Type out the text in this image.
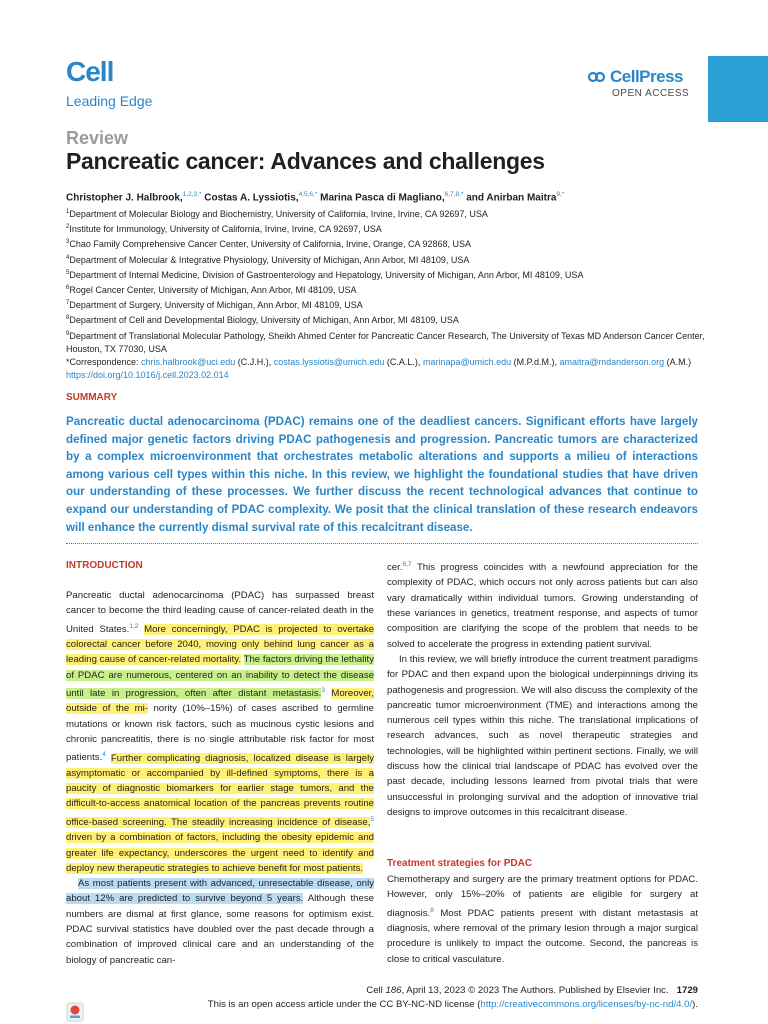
Cell
Leading Edge
CellPress
OPEN ACCESS
Review
Pancreatic cancer: Advances and challenges
Christopher J. Halbrook,$^{1,2,3,*}$ Costas A. Lyssiotis,$^{4,5,6,*}$ Marina Pasca di Magliano,$^{6,7,8,*}$ and Anirban Maitra$^{9,*}$

$^1$Department of Molecular Biology and Biochemistry, University of California, Irvine, Irvine, CA 92697, USA

$^2$Institute for Immunology, University of California, Irvine, Irvine, CA 92697, USA

$^3$Chao Family Comprehensive Cancer Center, University of California, Irvine, Orange, CA 92868, USA

$^4$Department of Molecular & Integrative Physiology, University of Michigan, Ann Arbor, MI 48109, USA

$^5$Department of Internal Medicine, Division of Gastroenterology and Hepatology, University of Michigan, Ann Arbor, MI 48109, USA

$^6$Rogel Cancer Center, University of Michigan, Ann Arbor, MI 48109, USA

$^7$Department of Surgery, University of Michigan, Ann Arbor, MI 48109, USA

$^8$Department of Cell and Developmental Biology, University of Michigan, Ann Arbor, MI 48109, USA

$^9$Department of Translational Molecular Pathology, Sheikh Ahmed Center for Pancreatic Cancer Research, The University of Texas MD Anderson Cancer Center, Houston, TX 77030, USA

*Correspondence: chris.halbrook@uci.edu (C.J.H.), costas.lyssiotis@umich.edu (C.A.L.), marinapa@umich.edu (M.P.d.M.), amaitra@mdanderson.org (A.M.)

https://doi.org/10.1016/j.cell.2023.02.014

SUMMARY

Pancreatic ductal adenocarcinoma (PDAC) remains one of the deadliest cancers. Significant efforts have largely defined major genetic factors driving PDAC pathogenesis and progression. Pancreatic tumors are characterized by a complex microenvironment that orchestrates metabolic alterations and supports a milieu of interactions among various cell types within this niche. In this review, we highlight the foundational studies that have driven our understanding of these processes. We further discuss the recent technological advances that continue to expand our understanding of PDAC complexity. We posit that the clinical translation of these research endeavors will enhance the currently dismal survival rate of this recalcitrant disease.

INTRODUCTION

Pancreatic ductal adenocarcinoma (PDAC) has surpassed breast cancer to become the third leading cause of cancer-related death in the United States.$^{1,2}$ More concerningly, PDAC is projected to overtake colorectal cancer before 2040, moving only behind lung cancer as a leading cause of cancer-related mortality. The factors driving the lethality of PDAC are numerous, centered on an inability to detect the disease until late in progression, often after distant metastasis.$^3$ Moreover, outside of the mi- nority (10%–15%) of cases ascribed to germline mutations or known risk factors, such as mucinous cystic lesions and chronic pancreatitis, there is no single attributable risk factor for most patients.$^4$ Further complicating diagnosis, localized disease is largely asymptomatic or accompanied by ill-defined symptoms, there is a paucity of diagnostic biomarkers for earlier stage tumors, and the difficult-to-access anatomical location of the pancreas prevents routine office-based screening. The steadily increasing incidence of disease,$^5$ driven by a combination of factors, including the obesity epidemic and greater life expectancy, underscores the urgent need to identify and deploy new therapeutic strategies to achieve benefit for most patients.

As most patients present with advanced, unresectable disease, only about 12% are predicted to survive beyond 5 years. Although these numbers are dismal at first glance, some reasons for optimism exist. PDAC survival statistics have doubled over the past decade through a combination of improved clinical care and an understanding of the biology of pancreatic can-

cer.$^{6,7}$ This progress coincides with a newfound appreciation for the complexity of PDAC, which occurs not only across patients but can also vary dramatically within individual tumors. Growing understanding of these variances in genetics, treatment response, and aspects of tumor composition are clarifying the scope of the problem that needs to be solved to accelerate the progress in extending patient survival.

In this review, we will briefly introduce the current treatment paradigms for PDAC and then expand upon the biological underpinnings driving its pathogenesis and progression. We will also discuss the complexity of the pancreatic tumor microenvironment (TME) and interactions among the numerous cell types within this niche. The translational implications of research advances, such as novel therapeutic strategies and technologies, will be highlighted within pertinent sections. Finally, we will discuss how the clinical trial landscape of PDAC has evolved over the past decade, including lessons learned from pivotal trials that were unsuccessful in prolonging survival and the adoption of innovative trial designs to improve outcomes in this recalcitrant disease.

Treatment strategies for PDAC

Chemotherapy and surgery are the primary treatment options for PDAC. However, only 15%–20% of patients are eligible for surgery at diagnosis.$^8$ Most PDAC patients present with distant metastasis at diagnosis, where removal of the primary lesion through a major surgical procedure is unlikely to impact the outcome. Second, the pancreas is close to critical vasculature.

Cell 186, April 13, 2023 © 2023 The Authors. Published by Elsevier Inc. 1729
This is an open access article under the CC BY-NC-ND license (http://creativecommons.org/licenses/by-nc-nd/4.0/).
